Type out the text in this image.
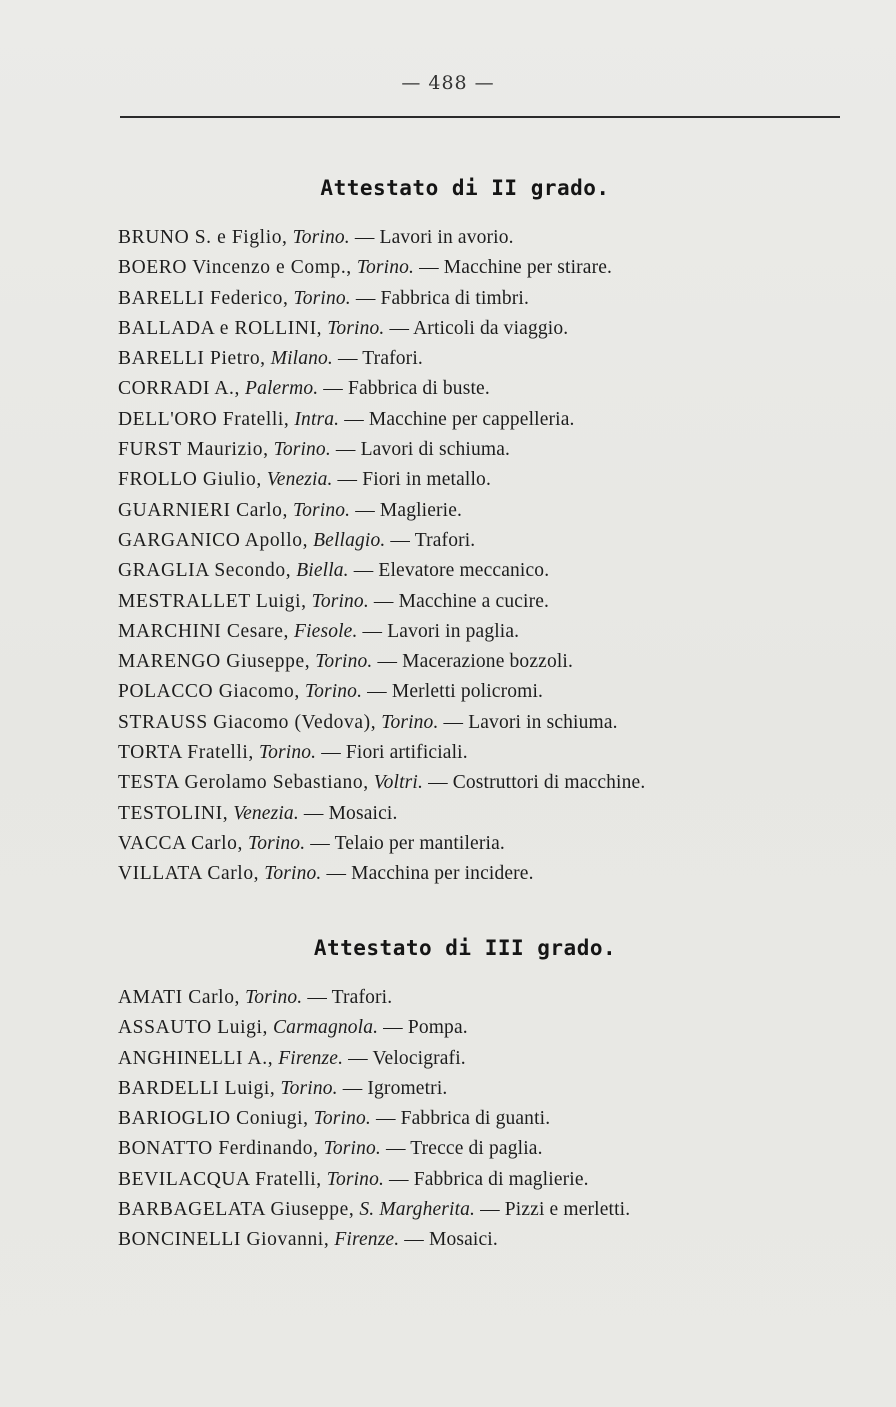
— 488 —
Attestato di II grado.
BRUNO S. e Figlio, Torino. — Lavori in avorio.
BOERO Vincenzo e Comp., Torino. — Macchine per stirare.
BARELLI Federico, Torino. — Fabbrica di timbri.
BALLADA e ROLLINI, Torino. — Articoli da viaggio.
BARELLI Pietro, Milano. — Trafori.
CORRADI A., Palermo. — Fabbrica di buste.
DELL'ORO Fratelli, Intra. — Macchine per cappelleria.
FURST Maurizio, Torino. — Lavori di schiuma.
FROLLO Giulio, Venezia. — Fiori in metallo.
GUARNIERI Carlo, Torino. — Maglierie.
GARGANICO Apollo, Bellagio. — Trafori.
GRAGLIA Secondo, Biella. — Elevatore meccanico.
MESTRALLET Luigi, Torino. — Macchine a cucire.
MARCHINI Cesare, Fiesole. — Lavori in paglia.
MARENGO Giuseppe, Torino. — Macerazione bozzoli.
POLACCO Giacomo, Torino. — Merletti policromi.
STRAUSS Giacomo (Vedova), Torino. — Lavori in schiuma.
TORTA Fratelli, Torino. — Fiori artificiali.
TESTA Gerolamo Sebastiano, Voltri. — Costruttori di macchine.
TESTOLINI, Venezia. — Mosaici.
VACCA Carlo, Torino. — Telaio per mantileria.
VILLATA Carlo, Torino. — Macchina per incidere.
Attestato di III grado.
AMATI Carlo, Torino. — Trafori.
ASSAUTO Luigi, Carmagnola. — Pompa.
ANGHINELLI A., Firenze. — Velocigrafi.
BARDELLI Luigi, Torino. — Igrometri.
BARIOGLIO Coniugi, Torino. — Fabbrica di guanti.
BONATTO Ferdinando, Torino. — Trecce di paglia.
BEVILACQUA Fratelli, Torino. — Fabbrica di maglierie.
BARBAGELATA Giuseppe, S. Margherita. — Pizzi e merletti.
BONCINELLI Giovanni, Firenze. — Mosaici.
